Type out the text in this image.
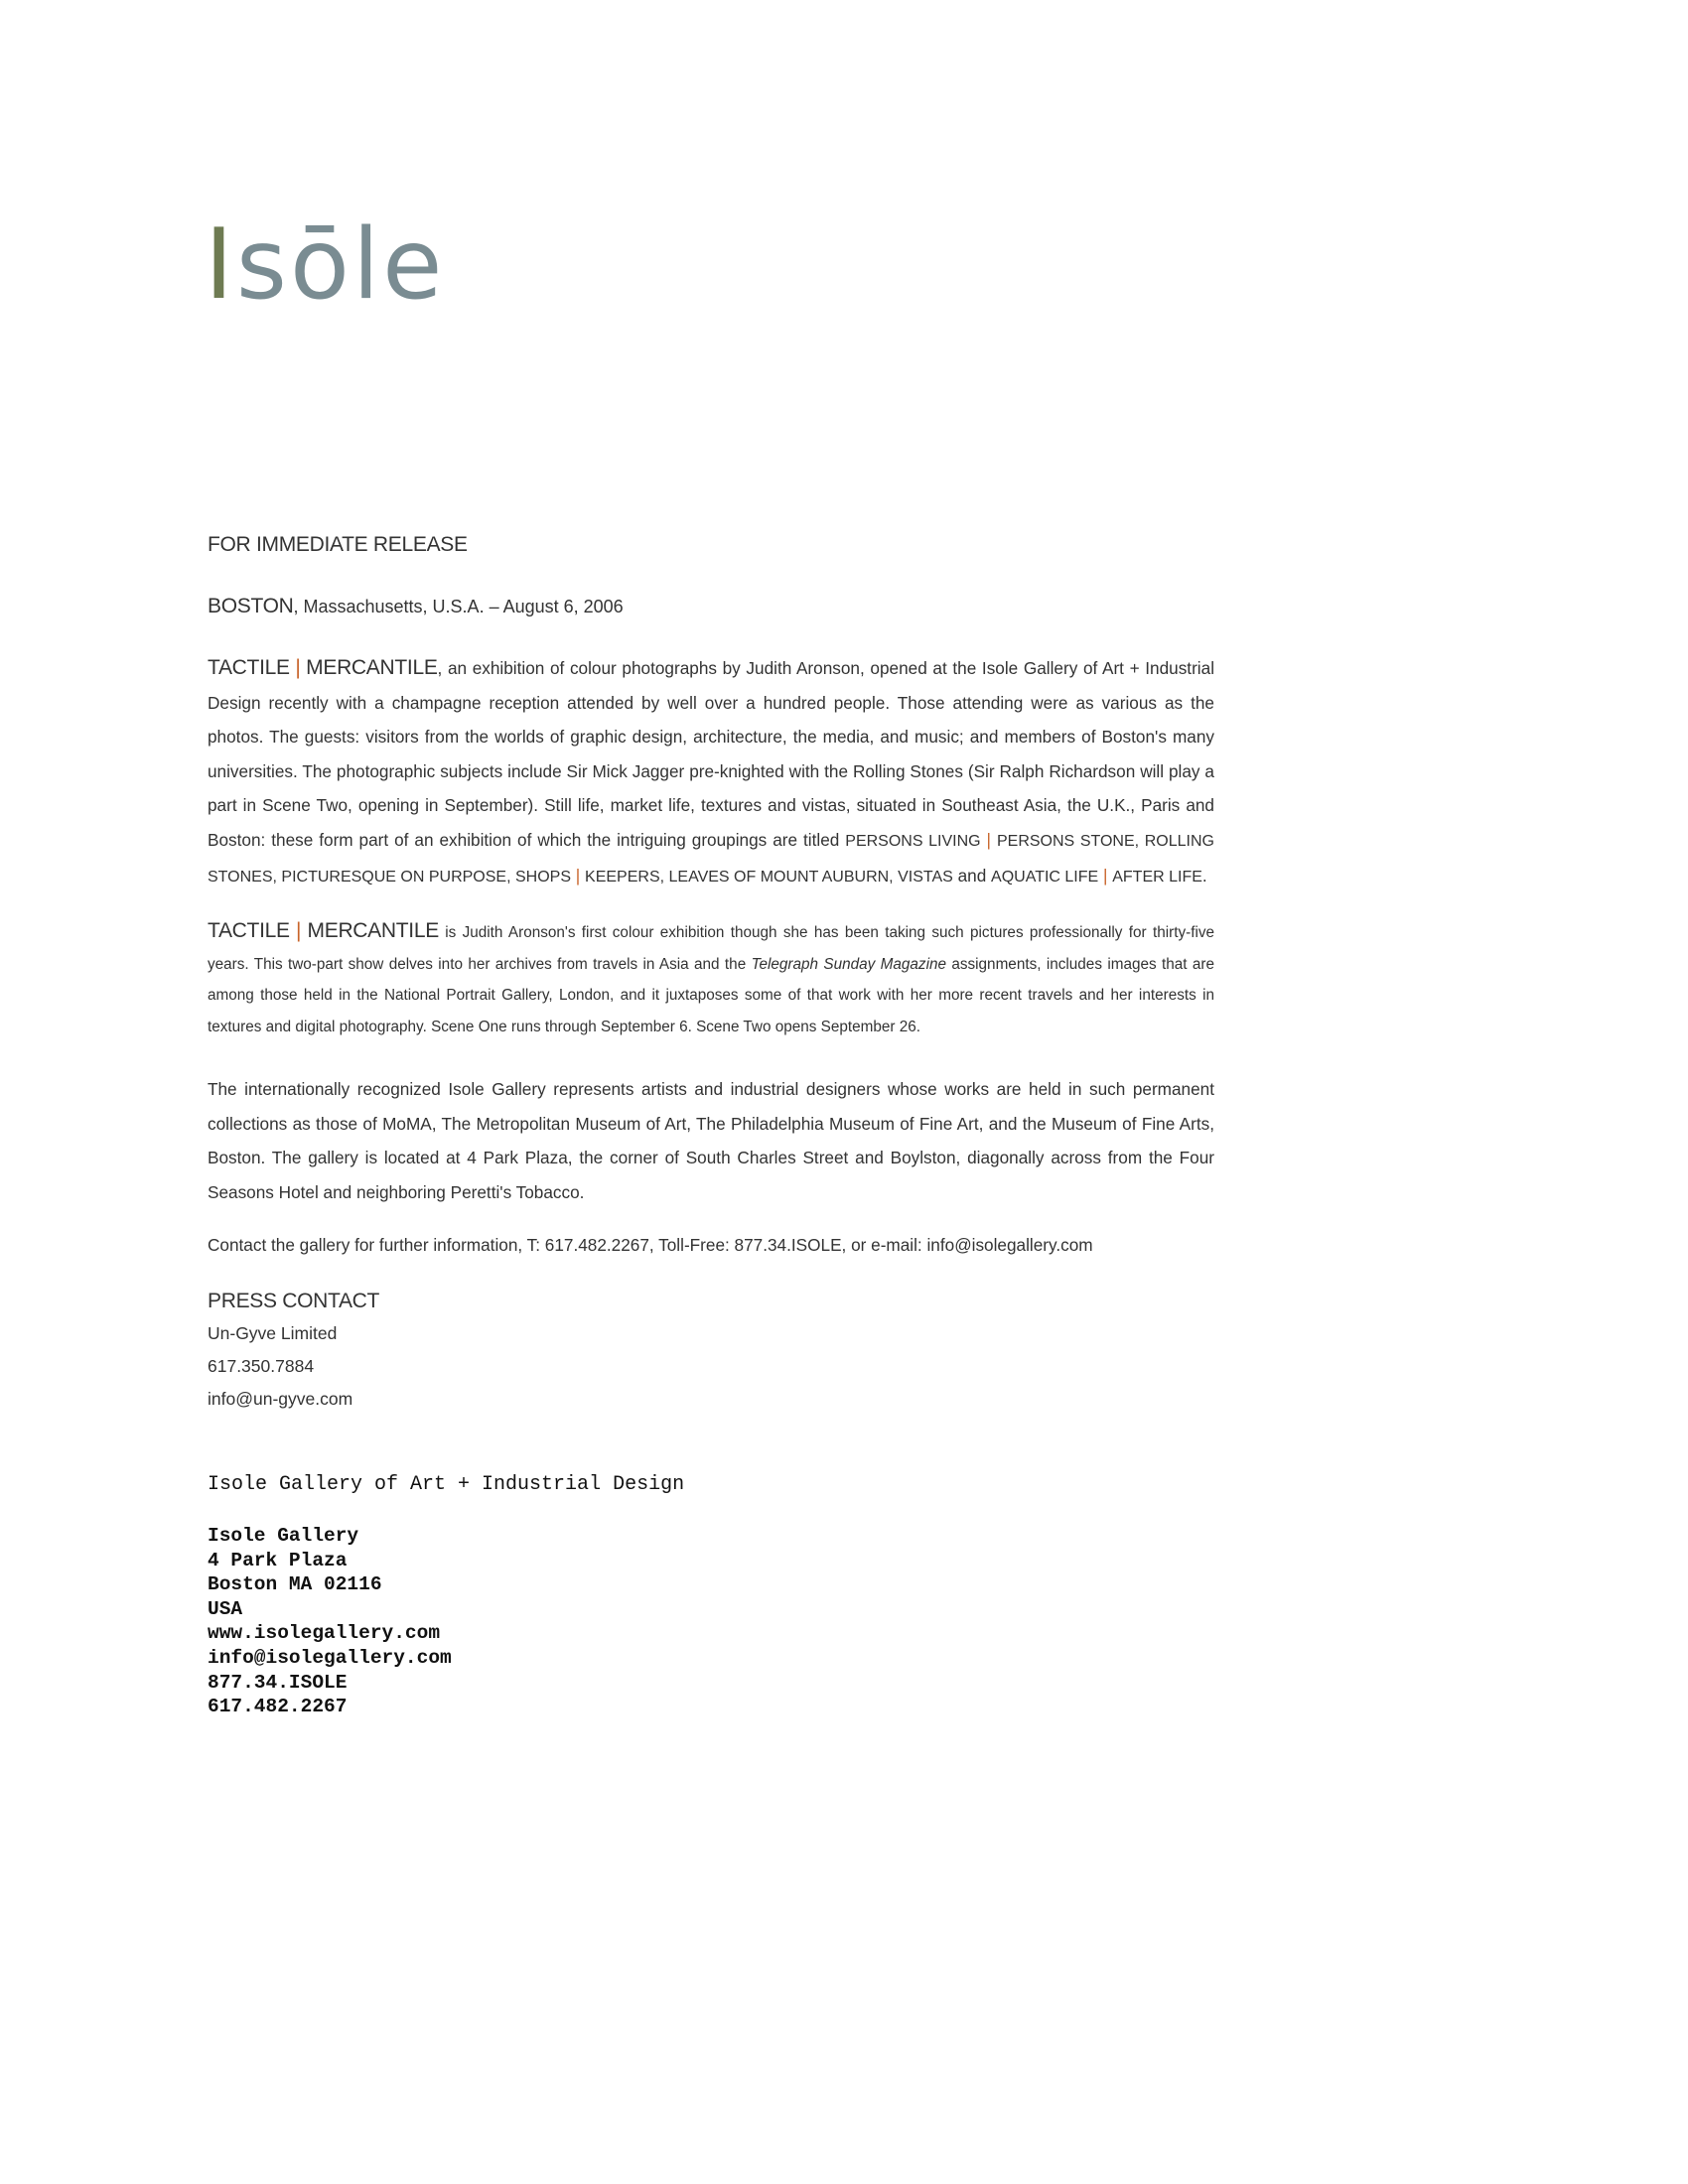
Isōle
FOR IMMEDIATE RELEASE
BOSTON, Massachusetts, U.S.A. – August 6, 2006
TACTILE | MERCANTILE, an exhibition of colour photographs by Judith Aronson, opened at the Isole Gallery of Art + Industrial Design recently with a champagne reception attended by well over a hundred people. Those attending were as various as the photos. The guests: visitors from the worlds of graphic design, architecture, the media, and music; and members of Boston's many universities. The photographic subjects include Sir Mick Jagger pre-knighted with the Rolling Stones (Sir Ralph Richardson will play a part in Scene Two, opening in September). Still life, market life, textures and vistas, situated in Southeast Asia, the U.K., Paris and Boston: these form part of an exhibition of which the intriguing groupings are titled PERSONS LIVING | PERSONS STONE, ROLLING STONES, PICTURESQUE ON PURPOSE, SHOPS | KEEPERS, LEAVES OF MOUNT AUBURN, VISTAS and AQUATIC LIFE | AFTER LIFE.
TACTILE | MERCANTILE is Judith Aronson's first colour exhibition though she has been taking such pictures professionally for thirty-five years. This two-part show delves into her archives from travels in Asia and the Telegraph Sunday Magazine assignments, includes images that are among those held in the National Portrait Gallery, London, and it juxtaposes some of that work with her more recent travels and her interests in textures and digital photography. Scene One runs through September 6. Scene Two opens September 26.
The internationally recognized Isole Gallery represents artists and industrial designers whose works are held in such permanent collections as those of MoMA, The Metropolitan Museum of Art, The Philadelphia Museum of Fine Art, and the Museum of Fine Arts, Boston. The gallery is located at 4 Park Plaza, the corner of South Charles Street and Boylston, diagonally across from the Four Seasons Hotel and neighboring Peretti's Tobacco.
Contact the gallery for further information, T: 617.482.2267, Toll-Free: 877.34.ISOLE, or e-mail: info@isolegallery.com
PRESS CONTACT
Un-Gyve Limited
617.350.7884
info@un-gyve.com
Isole Gallery of Art + Industrial Design
Isole Gallery
4 Park Plaza
Boston MA 02116
USA
www.isolegallery.com
info@isolegallery.com
877.34.ISOLE
617.482.2267
